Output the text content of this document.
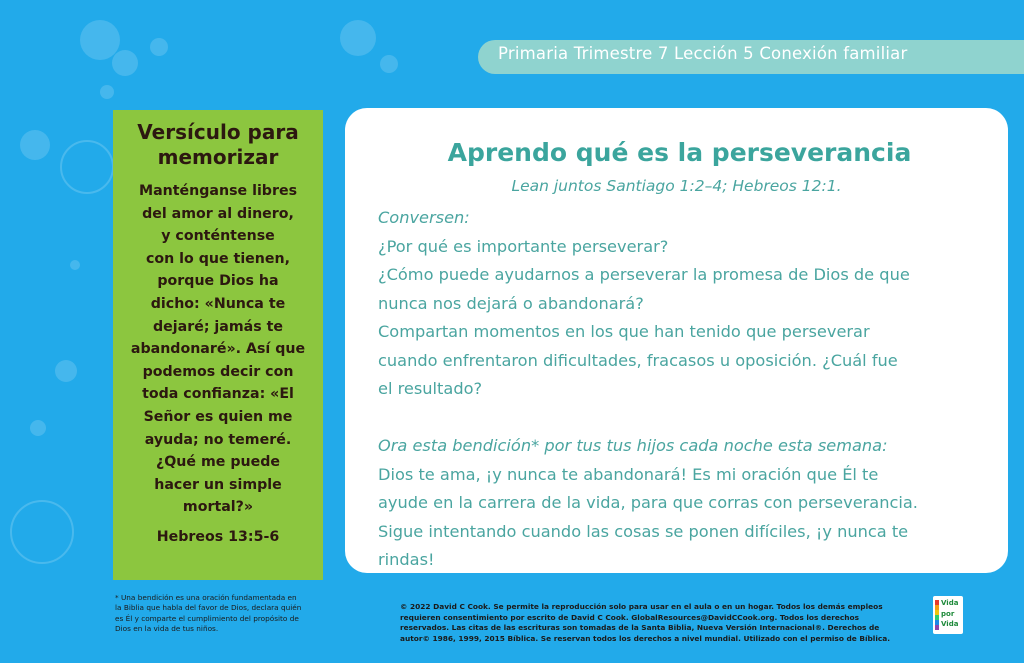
Primaria Trimestre 7 Lección 5 Conexión familiar
Versículo para memorizar
Manténganse libres
del amor al dinero,
y conténtense
con lo que tienen,
porque Dios ha
dicho: «Nunca te
dejaré; jamás te
abandonaré». Así que
podemos decir con
toda confianza: «El
Señor es quien me
ayuda; no temeré.
¿Qué me puede
hacer un simple
mortal?»
Hebreos 13:5-6
* Una bendición es una oración fundamentada en
la Biblia que habla del favor de Dios, declara quién
es Él y comparte el cumplimiento del propósito de
Dios en la vida de tus niños.
Aprendo qué es la perseverancia
Lean juntos Santiago 1:2–4; Hebreos 12:1.
Conversen:
¿Por qué es importante perseverar?
¿Cómo puede ayudarnos a perseverar la promesa de Dios de que
nunca nos dejará o abandonará?
Compartan momentos en los que han tenido que perseverar
cuando enfrentaron dificultades, fracasos u oposición. ¿Cuál fue
el resultado?
Ora esta bendición* por tus tus hijos cada noche esta semana:
Dios te ama, ¡y nunca te abandonará! Es mi oración que Él te
ayude en la carrera de la vida, para que corras con perseverancia.
Sigue intentando cuando las cosas se ponen difíciles, ¡y nunca te
rindas!
© 2022 David C Cook. Se permite la reproducción solo para usar en el aula o en un hogar. Todos los demás empleos
requieren consentimiento por escrito de David C Cook. GlobalResources@DavidCCook.org. Todos los derechos
reservados. Las citas de las escrituras son tomadas de la Santa Biblia, Nueva Versión Internacional®. Derechos de
autor© 1986, 1999, 2015 Bíblica. Se reservan todos los derechos a nivel mundial. Utilizado con el permiso de Bíblica.
Vida
por
Vida
